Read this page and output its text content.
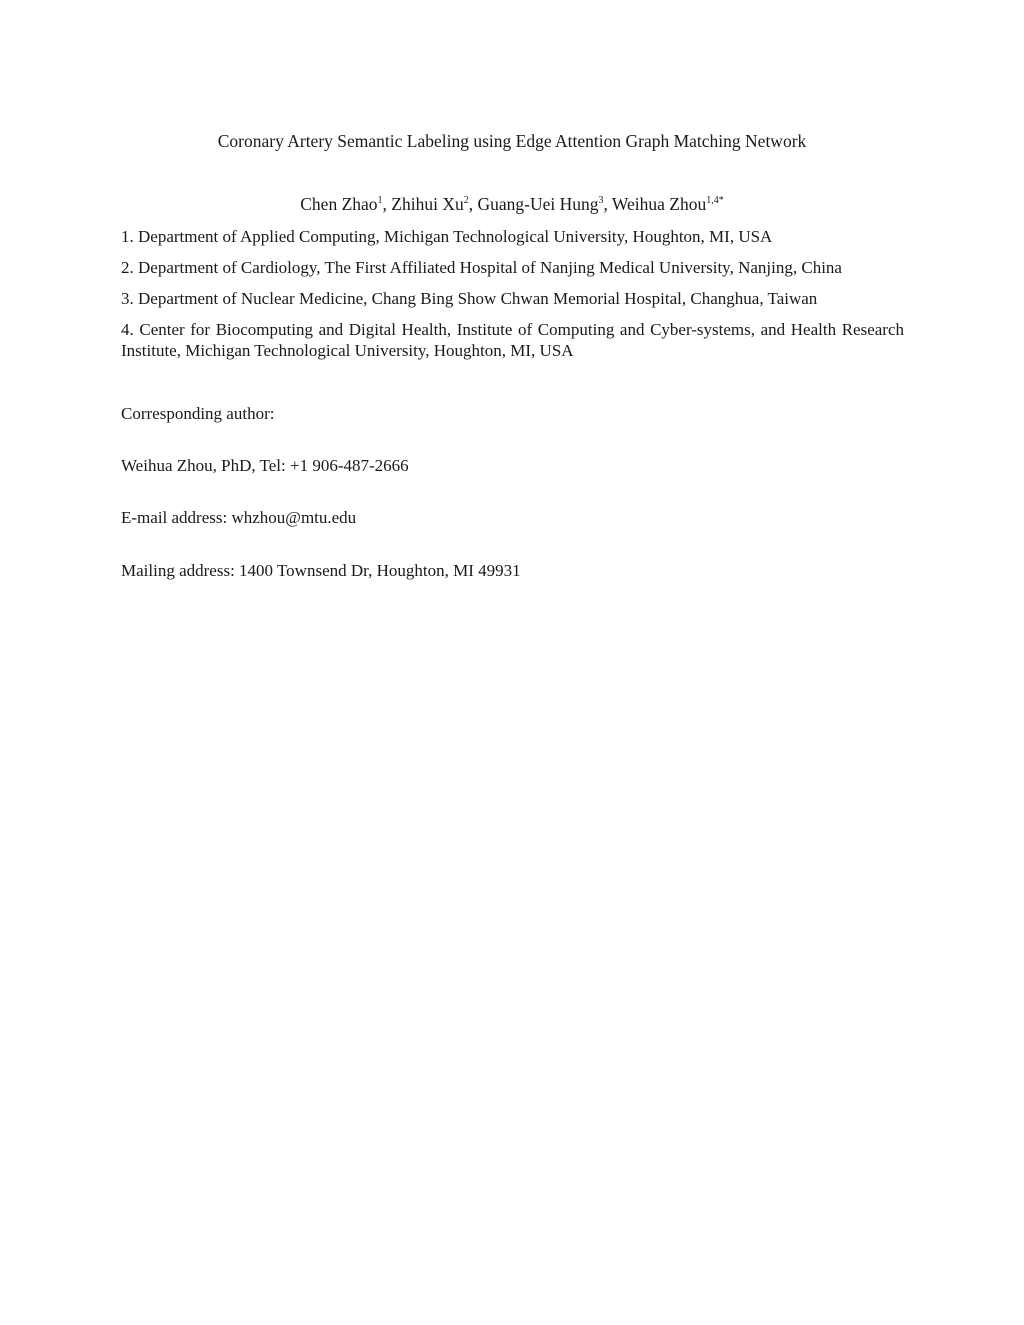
Coronary Artery Semantic Labeling using Edge Attention Graph Matching Network
Chen Zhao$^1$, Zhihui Xu$^2$, Guang-Uei Hung$^3$, Weihua Zhou$^{1,4*}$
1. Department of Applied Computing, Michigan Technological University, Houghton, MI, USA
2. Department of Cardiology, The First Affiliated Hospital of Nanjing Medical University, Nanjing, China
3. Department of Nuclear Medicine, Chang Bing Show Chwan Memorial Hospital, Changhua, Taiwan
4. Center for Biocomputing and Digital Health, Institute of Computing and Cyber-systems, and Health Research Institute, Michigan Technological University, Houghton, MI, USA
Corresponding author:
Weihua Zhou, PhD, Tel: +1 906-487-2666
E-mail address: whzhou@mtu.edu
Mailing address: 1400 Townsend Dr, Houghton, MI 49931
